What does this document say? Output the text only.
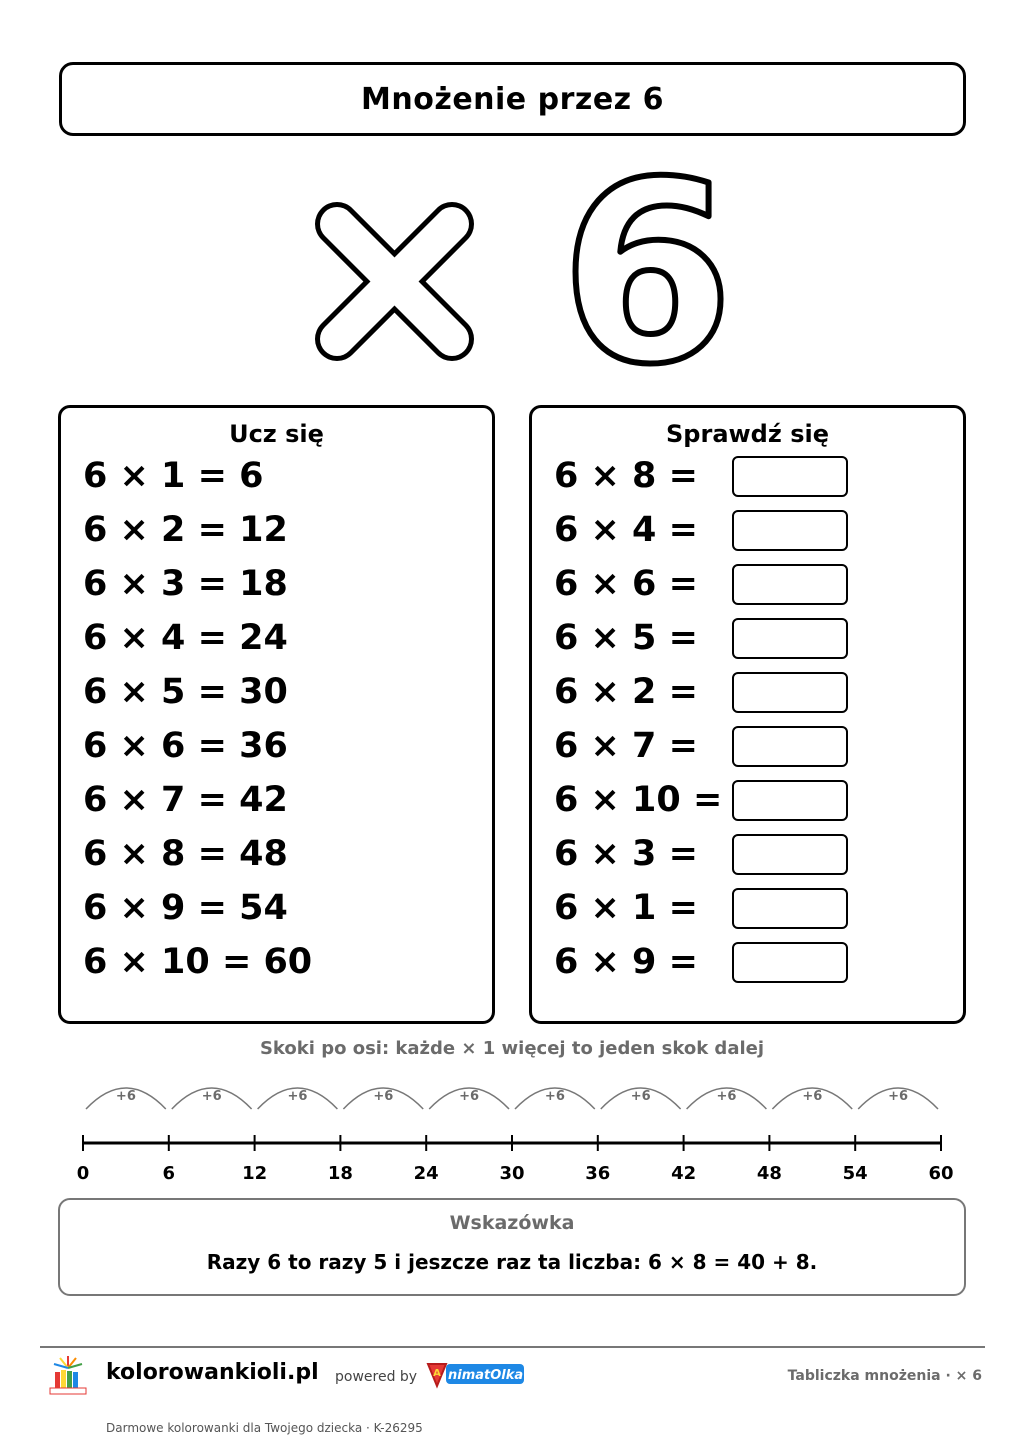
Mnożenie przez 6
6
Ucz się
6 × 1 = 6
6 × 2 = 12
6 × 3 = 18
6 × 4 = 24
6 × 5 = 30
6 × 6 = 36
6 × 7 = 42
6 × 8 = 48
6 × 9 = 54
6 × 10 = 60
Sprawdź się
6 × 8 =
6 × 4 =
6 × 6 =
6 × 5 =
6 × 2 =
6 × 7 =
6 × 10 =
6 × 3 =
6 × 1 =
6 × 9 =
Skoki po osi: każde × 1 więcej to jeden skok dalej
0	6	12	18	24	30	36	42	48	54	60
+6	+6	+6	+6	+6	+6	+6	+6	+6	+6
Wskazówka
Razy 6 to razy 5 i jeszcze raz ta liczba: 6 × 8 = 40 + 8.
kolorowankioli.pl powered by A nimatOlka	Tabliczka mnożenia · × 6
Darmowe kolorowanki dla Twojego dziecka · K-26295
